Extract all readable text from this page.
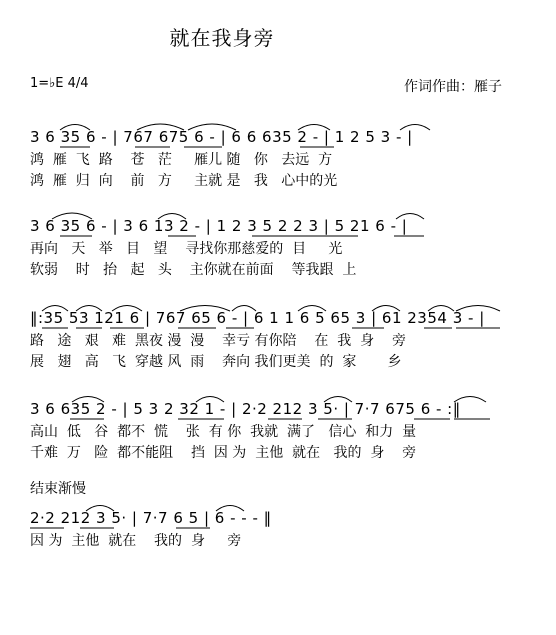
就在我身旁
1=♭E 4/4	作词作曲：雁子
3 6 35 6 - | 767 675 6 - | 6 6 635 2 - | 1 2 5 3 - |
鸿  雁  飞  路    苍   茫     雁儿 随   你   去远  方
鸿  雁  归  向    前   方     主就 是   我   心中的光
3 6 35 6 - | 3 6 13 2 - | 1 2 3 5 2 2 3 | 5 21 6 - |
再向   天   举   目   望    寻找你那慈爱的  目     光
软弱    时   抬   起   头    主你就在前面    等我跟  上
‖:35 53 121 6 | 767 65 6 - | 6 1 1 6 5 65 3 | 61 2354 3 - |
路   途   艰   难  黑夜 漫  漫    幸亏 有你陪    在  我  身    旁
展   翅   高   飞  穿越 风  雨    奔向 我们更美  的  家       乡
3 6 635 2 - | 5 3 2 32 1 - | 2·2 212 3 5· | 7·7 675 6 - :‖
高山  低   谷  都不  慌    张  有 你  我就  满了   信心  和力  量
千难  万   险  都不能阻    挡  因 为  主他  就在   我的  身    旁
结束渐慢
2·2 212 3 5· | 7·7 6 5 | 6 - - - ‖
因 为  主他  就在    我的  身     旁
